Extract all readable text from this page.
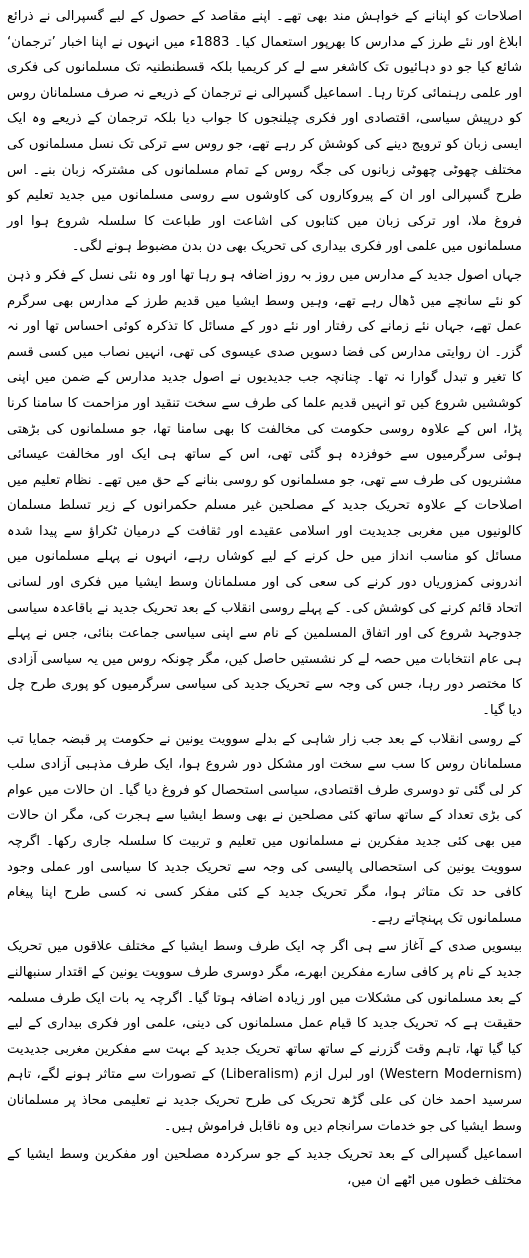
اصلاحات کو اپنانے کے خواہش مند بھی تھے۔ اپنے مقاصد کے حصول کے لیے گسپرالی نے ذرائع ابلاغ اور نئے طرز کے مدارس کا بھرپور استعمال کیا۔ 1883ء میں انہوں نے اپنا اخبار ’ترجمان‘ شائع کیا جو دو دہائیوں تک کاشغر سے لے کر کریمیا بلکہ قسطنطنیہ تک مسلمانوں کی فکری اور علمی رہنمائی کرتا رہا۔ اسماعیل گسپرالی نے ترجمان کے ذریعے نہ صرف مسلمانان روس کو درپیش سیاسی، اقتصادی اور فکری چیلنجوں کا جواب دیا بلکہ ترجمان کے ذریعے وہ ایک ایسی زبان کو ترویج دینے کی کوشش کر رہے تھے، جو روس سے ترکی تک نسل مسلمانوں کی مختلف چھوٹی چھوٹی زبانوں کی جگہ روس کے تمام مسلمانوں کی مشترکہ زبان بنے۔ اس طرح گسپرالی اور ان کے پیروکاروں کی کاوشوں سے روسی مسلمانوں میں جدید تعلیم کو فروغ ملا، اور ترکی زبان میں کتابوں کی اشاعت اور طباعت کا سلسلہ شروع ہوا اور مسلمانوں میں علمی اور فکری بیداری کی تحریک بھی دن بدن مضبوط ہونے لگی۔

جہاں اصول جدید کے مدارس میں روز بہ روز اضافہ ہو رہا تھا اور وہ نئی نسل کے فکر و ذہن کو نئے سانچے میں ڈھال رہے تھے، وہیں وسط ایشیا میں قدیم طرز کے مدارس بھی سرگرم عمل تھے، جہاں نئے زمانے کی رفتار اور نئے دور کے مسائل کا تذکرہ کوئی احساس تھا اور نہ گزر۔ ان روایتی مدارس کی فضا دسویں صدی عیسوی کی تھی، انہیں نصاب میں کسی قسم کا تغیر و تبدل گوارا نہ تھا۔ چنانچہ جب جدیدیوں نے اصول جدید مدارس کے ضمن میں اپنی کوششیں شروع کیں تو انہیں قدیم علما کی طرف سے سخت تنقید اور مزاحمت کا سامنا کرنا پڑا، اس کے علاوہ روسی حکومت کی مخالفت کا بھی سامنا تھا، جو مسلمانوں کی بڑھتی ہوئی سرگرمیوں سے خوفزدہ ہو گئی تھی، اس کے ساتھ ہی ایک اور مخالفت عیسائی مشنریوں کی طرف سے تھی، جو مسلمانوں کو روسی بنانے کے حق میں تھے۔ نظام تعلیم میں اصلاحات کے علاوہ تحریک جدید کے مصلحین غیر مسلم حکمرانوں کے زیر تسلط مسلمان کالونیوں میں مغربی جدیدیت اور اسلامی عقیدے اور ثقافت کے درمیان ٹکراؤ سے پیدا شدہ مسائل کو مناسب انداز میں حل کرنے کے لیے کوشاں رہے، انہوں نے پہلے مسلمانوں میں اندرونی کمزوریاں دور کرنے کی سعی کی اور مسلمانان وسط ایشیا میں فکری اور لسانی اتحاد قائم کرنے کی کوشش کی۔ کے پہلے روسی انقلاب کے بعد تحریک جدید نے باقاعدہ سیاسی جدوجہد شروع کی اور اتفاق المسلمین کے نام سے اپنی سیاسی جماعت بنائی، جس نے پہلے ہی عام انتخابات میں حصہ لے کر نشستیں حاصل کیں، مگر چونکہ روس میں یہ سیاسی آزادی کا مختصر دور رہا، جس کی وجہ سے تحریک جدید کی سیاسی سرگرمیوں کو پوری طرح چل دیا گیا۔

کے روسی انقلاب کے بعد جب زار شاہی کے بدلے سوویت یونین نے حکومت پر قبضہ جمایا تب مسلمانان روس کا سب سے سخت اور مشکل دور شروع ہوا، ایک طرف مذہبی آزادی سلب کر لی گئی تو دوسری طرف اقتصادی، سیاسی استحصال کو فروغ دیا گیا۔ ان حالات میں عوام کی بڑی تعداد کے ساتھ ساتھ کئی مصلحین نے بھی وسط ایشیا سے ہجرت کی، مگر ان حالات میں بھی کئی جدید مفکرین نے مسلمانوں میں تعلیم و تربیت کا سلسلہ جاری رکھا۔ اگرچہ سوویت یونین کی استحصالی پالیسی کی وجہ سے تحریک جدید کا سیاسی اور عملی وجود کافی حد تک متاثر ہوا، مگر تحریک جدید کے کئی مفکر کسی نہ کسی طرح اپنا پیغام مسلمانوں تک پہنچاتے رہے۔

بیسویں صدی کے آغاز سے ہی اگر چہ ایک طرف وسط ایشیا کے مختلف علاقوں میں تحریک جدید کے نام پر کافی سارے مفکرین ابھرے، مگر دوسری طرف سوویت یونین کے اقتدار سنبھالنے کے بعد مسلمانوں کی مشکلات میں اور زیادہ اضافہ ہوتا گیا۔ اگرچہ یہ بات ایک طرف مسلمہ حقیقت ہے کہ تحریک جدید کا قیام عمل مسلمانوں کی دینی، علمی اور فکری بیداری کے لیے کیا گیا تھا، تاہم وقت گزرنے کے ساتھ ساتھ تحریک جدید کے بہت سے مفکرین مغربی جدیدیت (Western Modernism) اور لبرل ازم (Liberalism) کے تصورات سے متاثر ہونے لگے، تاہم سرسید احمد خان کی علی گڑھ تحریک کی طرح تحریک جدید نے تعلیمی محاذ پر مسلمانان وسط ایشیا کی جو خدمات سرانجام دیں وہ ناقابل فراموش ہیں۔

اسماعیل گسپرالی کے بعد تحریک جدید کے جو سرکردہ مصلحین اور مفکرین وسط ایشیا کے مختلف خطوں میں اٹھے ان میں،
